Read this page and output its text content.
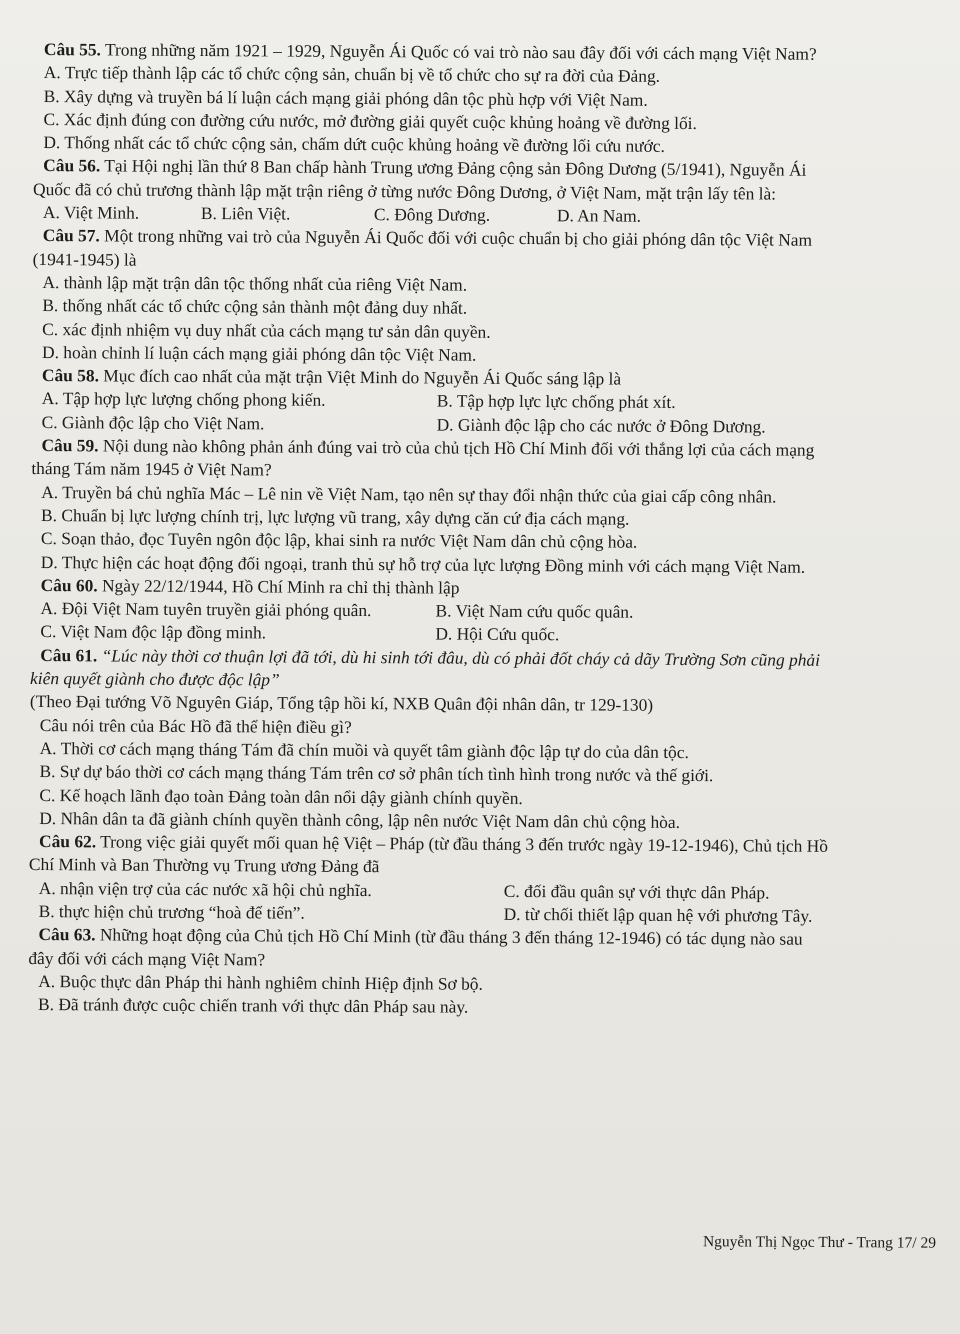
Câu 55. Trong những năm 1921 – 1929, Nguyễn Ái Quốc có vai trò nào sau đây đối với cách mạng Việt Nam?
A. Trực tiếp thành lập các tổ chức cộng sản, chuẩn bị về tổ chức cho sự ra đời của Đảng.
B. Xây dựng và truyền bá lí luận cách mạng giải phóng dân tộc phù hợp với Việt Nam.
C. Xác định đúng con đường cứu nước, mở đường giải quyết cuộc khủng hoảng về đường lối.
D. Thống nhất các tổ chức cộng sản, chấm dứt cuộc khủng hoảng về đường lối cứu nước.
Câu 56. Tại Hội nghị lần thứ 8 Ban chấp hành Trung ương Đảng cộng sản Đông Dương (5/1941), Nguyễn Ái
Quốc đã có chủ trương thành lập mặt trận riêng ở từng nước Đông Dương, ở Việt Nam, mặt trận lấy tên là:
A. Việt Minh.	B. Liên Việt.	C. Đông Dương.	D. An Nam.
Câu 57. Một trong những vai trò của Nguyễn Ái Quốc đối với cuộc chuẩn bị cho giải phóng dân tộc Việt Nam
(1941-1945) là
A. thành lập mặt trận dân tộc thống nhất của riêng Việt Nam.
B. thống nhất các tổ chức cộng sản thành một đảng duy nhất.
C. xác định nhiệm vụ duy nhất của cách mạng tư sản dân quyền.
D. hoàn chỉnh lí luận cách mạng giải phóng dân tộc Việt Nam.
Câu 58. Mục đích cao nhất của mặt trận Việt Minh do Nguyễn Ái Quốc sáng lập là
A. Tập hợp lực lượng chống phong kiến.	B. Tập hợp lực lực chống phát xít.
C. Giành độc lập cho Việt Nam.	D. Giành độc lập cho các nước ở Đông Dương.
Câu 59. Nội dung nào không phản ánh đúng vai trò của chủ tịch Hồ Chí Minh đối với thắng lợi của cách mạng
tháng Tám năm 1945 ở Việt Nam?
A. Truyền bá chủ nghĩa Mác – Lê nin về Việt Nam, tạo nên sự thay đổi nhận thức của giai cấp công nhân.
B. Chuẩn bị lực lượng chính trị, lực lượng vũ trang, xây dựng căn cứ địa cách mạng.
C. Soạn thảo, đọc Tuyên ngôn độc lập, khai sinh ra nước Việt Nam dân chủ cộng hòa.
D. Thực hiện các hoạt động đối ngoại, tranh thủ sự hỗ trợ của lực lượng Đồng minh với cách mạng Việt Nam.
Câu 60. Ngày 22/12/1944, Hồ Chí Minh ra chỉ thị thành lập
A. Đội Việt Nam tuyên truyền giải phóng quân.	B. Việt Nam cứu quốc quân.
C. Việt Nam độc lập đồng minh.	D. Hội Cứu quốc.
Câu 61. “Lúc này thời cơ thuận lợi đã tới, dù hi sinh tới đâu, dù có phải đốt cháy cả dãy Trường Sơn cũng phải
kiên quyết giành cho được độc lập”
(Theo Đại tướng Võ Nguyên Giáp, Tổng tập hồi kí, NXB Quân đội nhân dân, tr 129-130)
Câu nói trên của Bác Hồ đã thể hiện điều gì?
A. Thời cơ cách mạng tháng Tám đã chín muồi và quyết tâm giành độc lập tự do của dân tộc.
B. Sự dự báo thời cơ cách mạng tháng Tám trên cơ sở phân tích tình hình trong nước và thế giới.
C. Kế hoạch lãnh đạo toàn Đảng toàn dân nổi dậy giành chính quyền.
D. Nhân dân ta đã giành chính quyền thành công, lập nên nước Việt Nam dân chủ cộng hòa.
Câu 62. Trong việc giải quyết mối quan hệ Việt – Pháp (từ đầu tháng 3 đến trước ngày 19-12-1946), Chủ tịch Hồ
Chí Minh và Ban Thường vụ Trung ương Đảng đã
A. nhận viện trợ của các nước xã hội chủ nghĩa.	C. đối đầu quân sự với thực dân Pháp.
B. thực hiện chủ trương “hoà để tiến”.	D. từ chối thiết lập quan hệ với phương Tây.
Câu 63. Những hoạt động của Chủ tịch Hồ Chí Minh (từ đầu tháng 3 đến tháng 12-1946) có tác dụng nào sau
đây đối với cách mạng Việt Nam?
A. Buộc thực dân Pháp thi hành nghiêm chỉnh Hiệp định Sơ bộ.
B. Đã tránh được cuộc chiến tranh với thực dân Pháp sau này.
Nguyễn Thị Ngọc Thư - Trang 17/ 29
